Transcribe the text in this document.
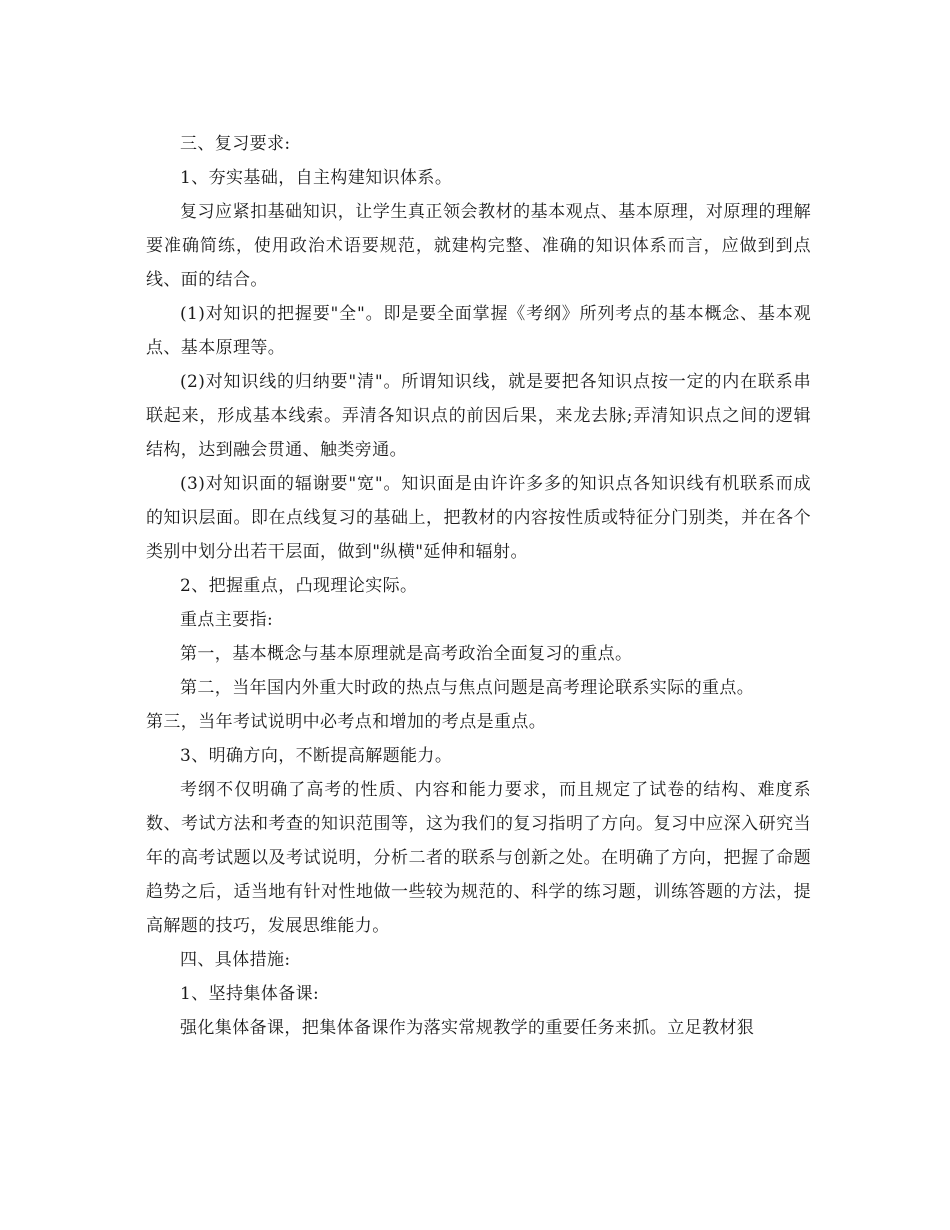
三、复习要求:

1、夯实基础，自主构建知识体系。

复习应紧扣基础知识，让学生真正领会教材的基本观点、基本原理，对原理的理解要准确简练，使用政治术语要规范，就建构完整、准确的知识体系而言，应做到到点线、面的结合。

(1)对知识的把握要"全"。即是要全面掌握《考纲》所列考点的基本概念、基本观点、基本原理等。

(2)对知识线的归纳要"清"。所谓知识线，就是要把各知识点按一定的内在联系串联起来，形成基本线索。弄清各知识点的前因后果，来龙去脉;弄清知识点之间的逻辑结构，达到融会贯通、触类旁通。

(3)对知识面的辐谢要"宽"。知识面是由许许多多的知识点各知识线有机联系而成的知识层面。即在点线复习的基础上，把教材的内容按性质或特征分门别类，并在各个类别中划分出若干层面，做到"纵横"延伸和辐射。

2、把握重点，凸现理论实际。

重点主要指:

第一，基本概念与基本原理就是高考政治全面复习的重点。

第二，当年国内外重大时政的热点与焦点问题是高考理论联系实际的重点。

第三，当年考试说明中必考点和增加的考点是重点。

3、明确方向，不断提高解题能力。

考纲不仅明确了高考的性质、内容和能力要求，而且规定了试卷的结构、难度系数、考试方法和考查的知识范围等，这为我们的复习指明了方向。复习中应深入研究当年的高考试题以及考试说明，分析二者的联系与创新之处。在明确了方向，把握了命题趋势之后，适当地有针对性地做一些较为规范的、科学的练习题，训练答题的方法，提高解题的技巧，发展思维能力。

四、具体措施:

1、坚持集体备课:

强化集体备课，把集体备课作为落实常规教学的重要任务来抓。立足教材狠
